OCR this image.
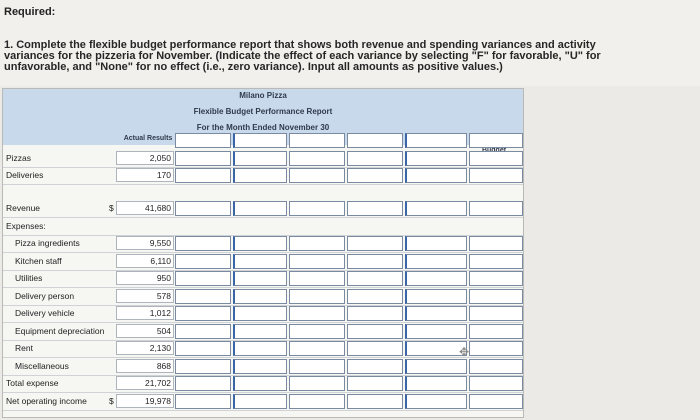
Required:
1. Complete the flexible budget performance report that shows both revenue and spending variances and activity variances for the pizzeria for November. (Indicate the effect of each variance by selecting "F" for favorable, "U" for unfavorable, and "None" for no effect (i.e., zero variance). Input all amounts as positive values.)
Milano Pizza
Flexible Budget Performance Report
For the Month Ended November 30
Actual Results
Pizzas	2,050
Deliveries	170
Revenue	41,680
$
Expenses:
Pizza ingredients	9,550
Kitchen staff	6,110
Utilities	950
Delivery person	578
Delivery vehicle	1,012
Equipment depreciation	504
Rent	2,130
Miscellaneous	868
Total expense	21,702
Net operating income	19,978
$
✥
